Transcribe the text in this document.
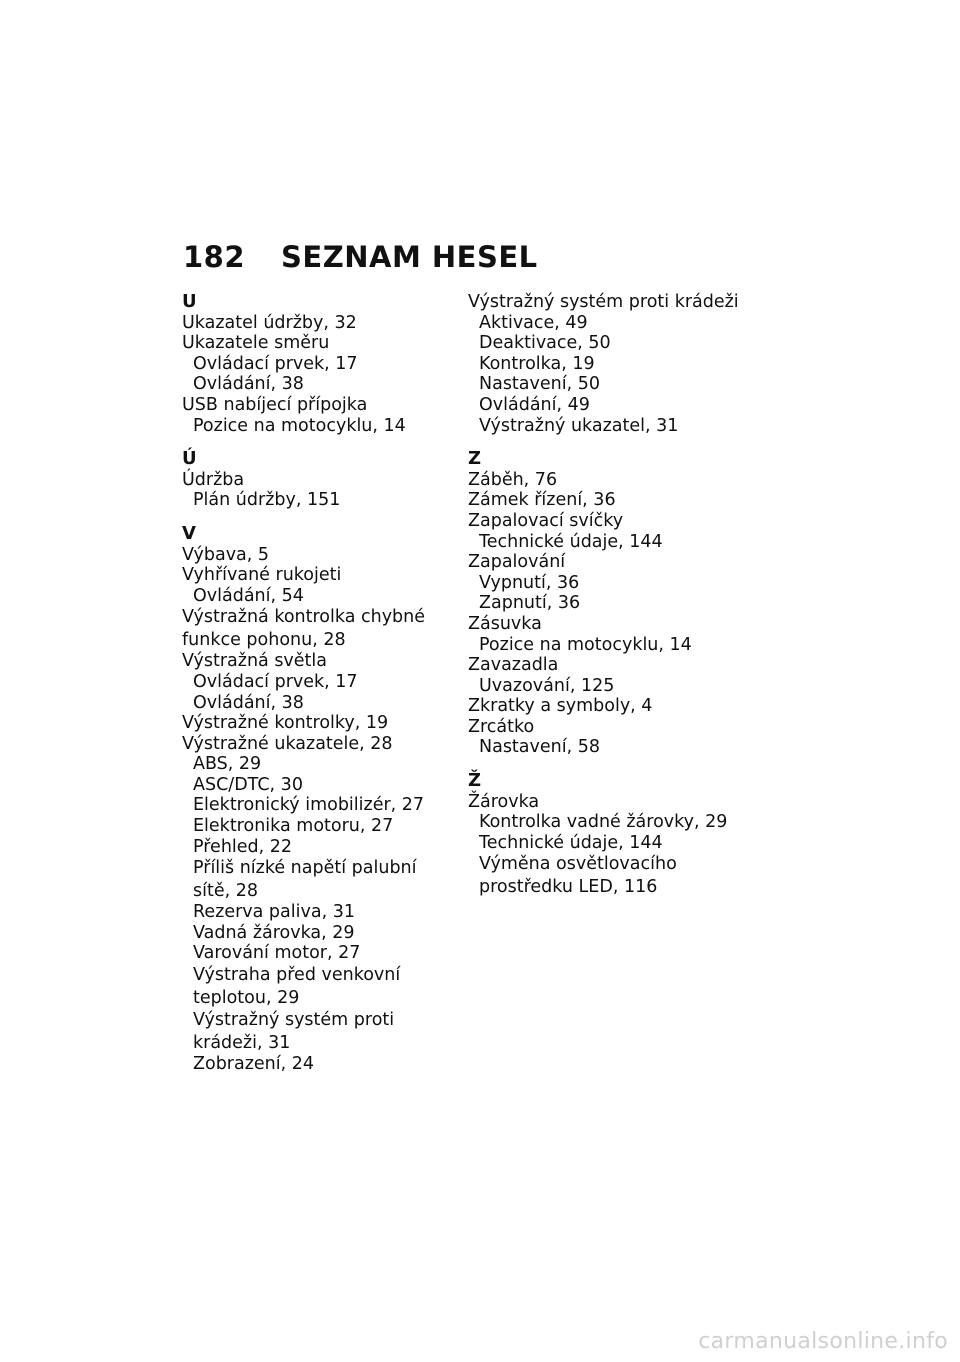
182	SEZNAM HESEL
U
Ukazatel údržby, 32
Ukazatele směru
Ovládací prvek, 17
Ovládání, 38
USB nabíjecí přípojka
Pozice na motocyklu, 14
Ú
Údržba
Plán údržby, 151
V
Výbava, 5
Vyhřívané rukojeti
Ovládání, 54
Výstražná kontrolka chybné funkce pohonu, 28
Výstražná světla
Ovládací prvek, 17
Ovládání, 38
Výstražné kontrolky, 19
Výstražné ukazatele, 28
ABS, 29
ASC/DTC, 30
Elektronický imobilizér, 27
Elektronika motoru, 27
Přehled, 22
Příliš nízké napětí palubní sítě, 28
Rezerva paliva, 31
Vadná žárovka, 29
Varování motor, 27
Výstraha před venkovní teplotou, 29
Výstražný systém proti krádeži, 31
Zobrazení, 24
Výstražný systém proti krádeži
Aktivace, 49
Deaktivace, 50
Kontrolka, 19
Nastavení, 50
Ovládání, 49
Výstražný ukazatel, 31
Z
Záběh, 76
Zámek řízení, 36
Zapalovací svíčky
Technické údaje, 144
Zapalování
Vypnutí, 36
Zapnutí, 36
Zásuvka
Pozice na motocyklu, 14
Zavazadla
Uvazování, 125
Zkratky a symboly, 4
Zrcátko
Nastavení, 58
Ž
Žárovka
Kontrolka vadné žárovky, 29
Technické údaje, 144
Výměna osvětlovacího prostředku LED, 116
carmanualsonline.info
